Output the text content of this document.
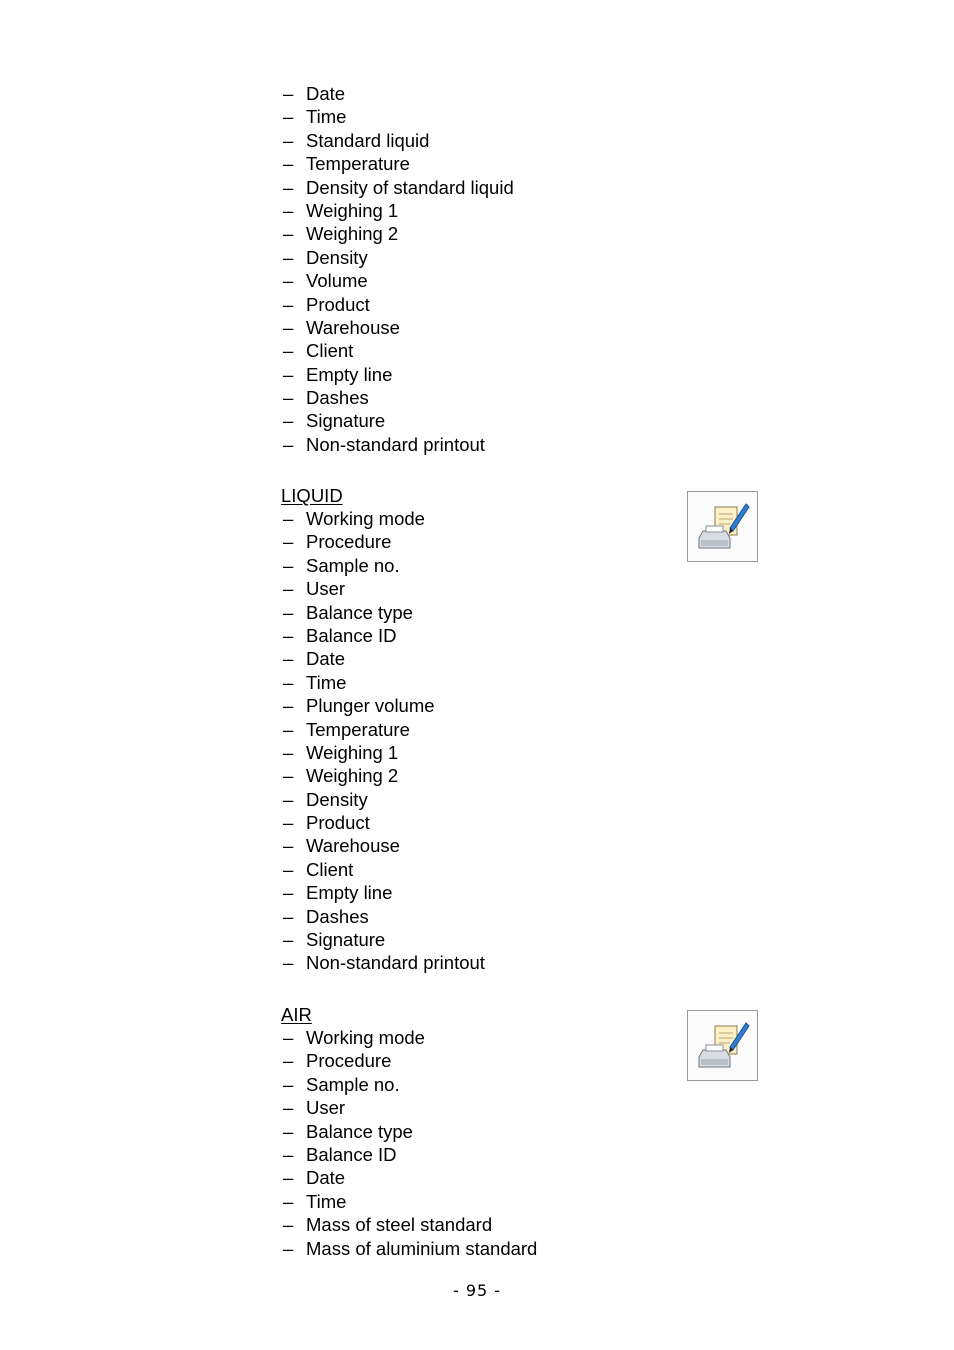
– Date
– Time
– Standard liquid
– Temperature
– Density of standard liquid
– Weighing 1
– Weighing 2
– Density
– Volume
– Product
– Warehouse
– Client
– Empty line
– Dashes
– Signature
– Non-standard printout
LIQUID
– Working mode
– Procedure
– Sample no.
– User
– Balance type
– Balance ID
– Date
– Time
– Plunger volume
– Temperature
– Weighing 1
– Weighing 2
– Density
– Product
– Warehouse
– Client
– Empty line
– Dashes
– Signature
– Non-standard printout
AIR
– Working mode
– Procedure
– Sample no.
– User
– Balance type
– Balance ID
– Date
– Time
– Mass of steel standard
– Mass of aluminium standard
- 95 -
